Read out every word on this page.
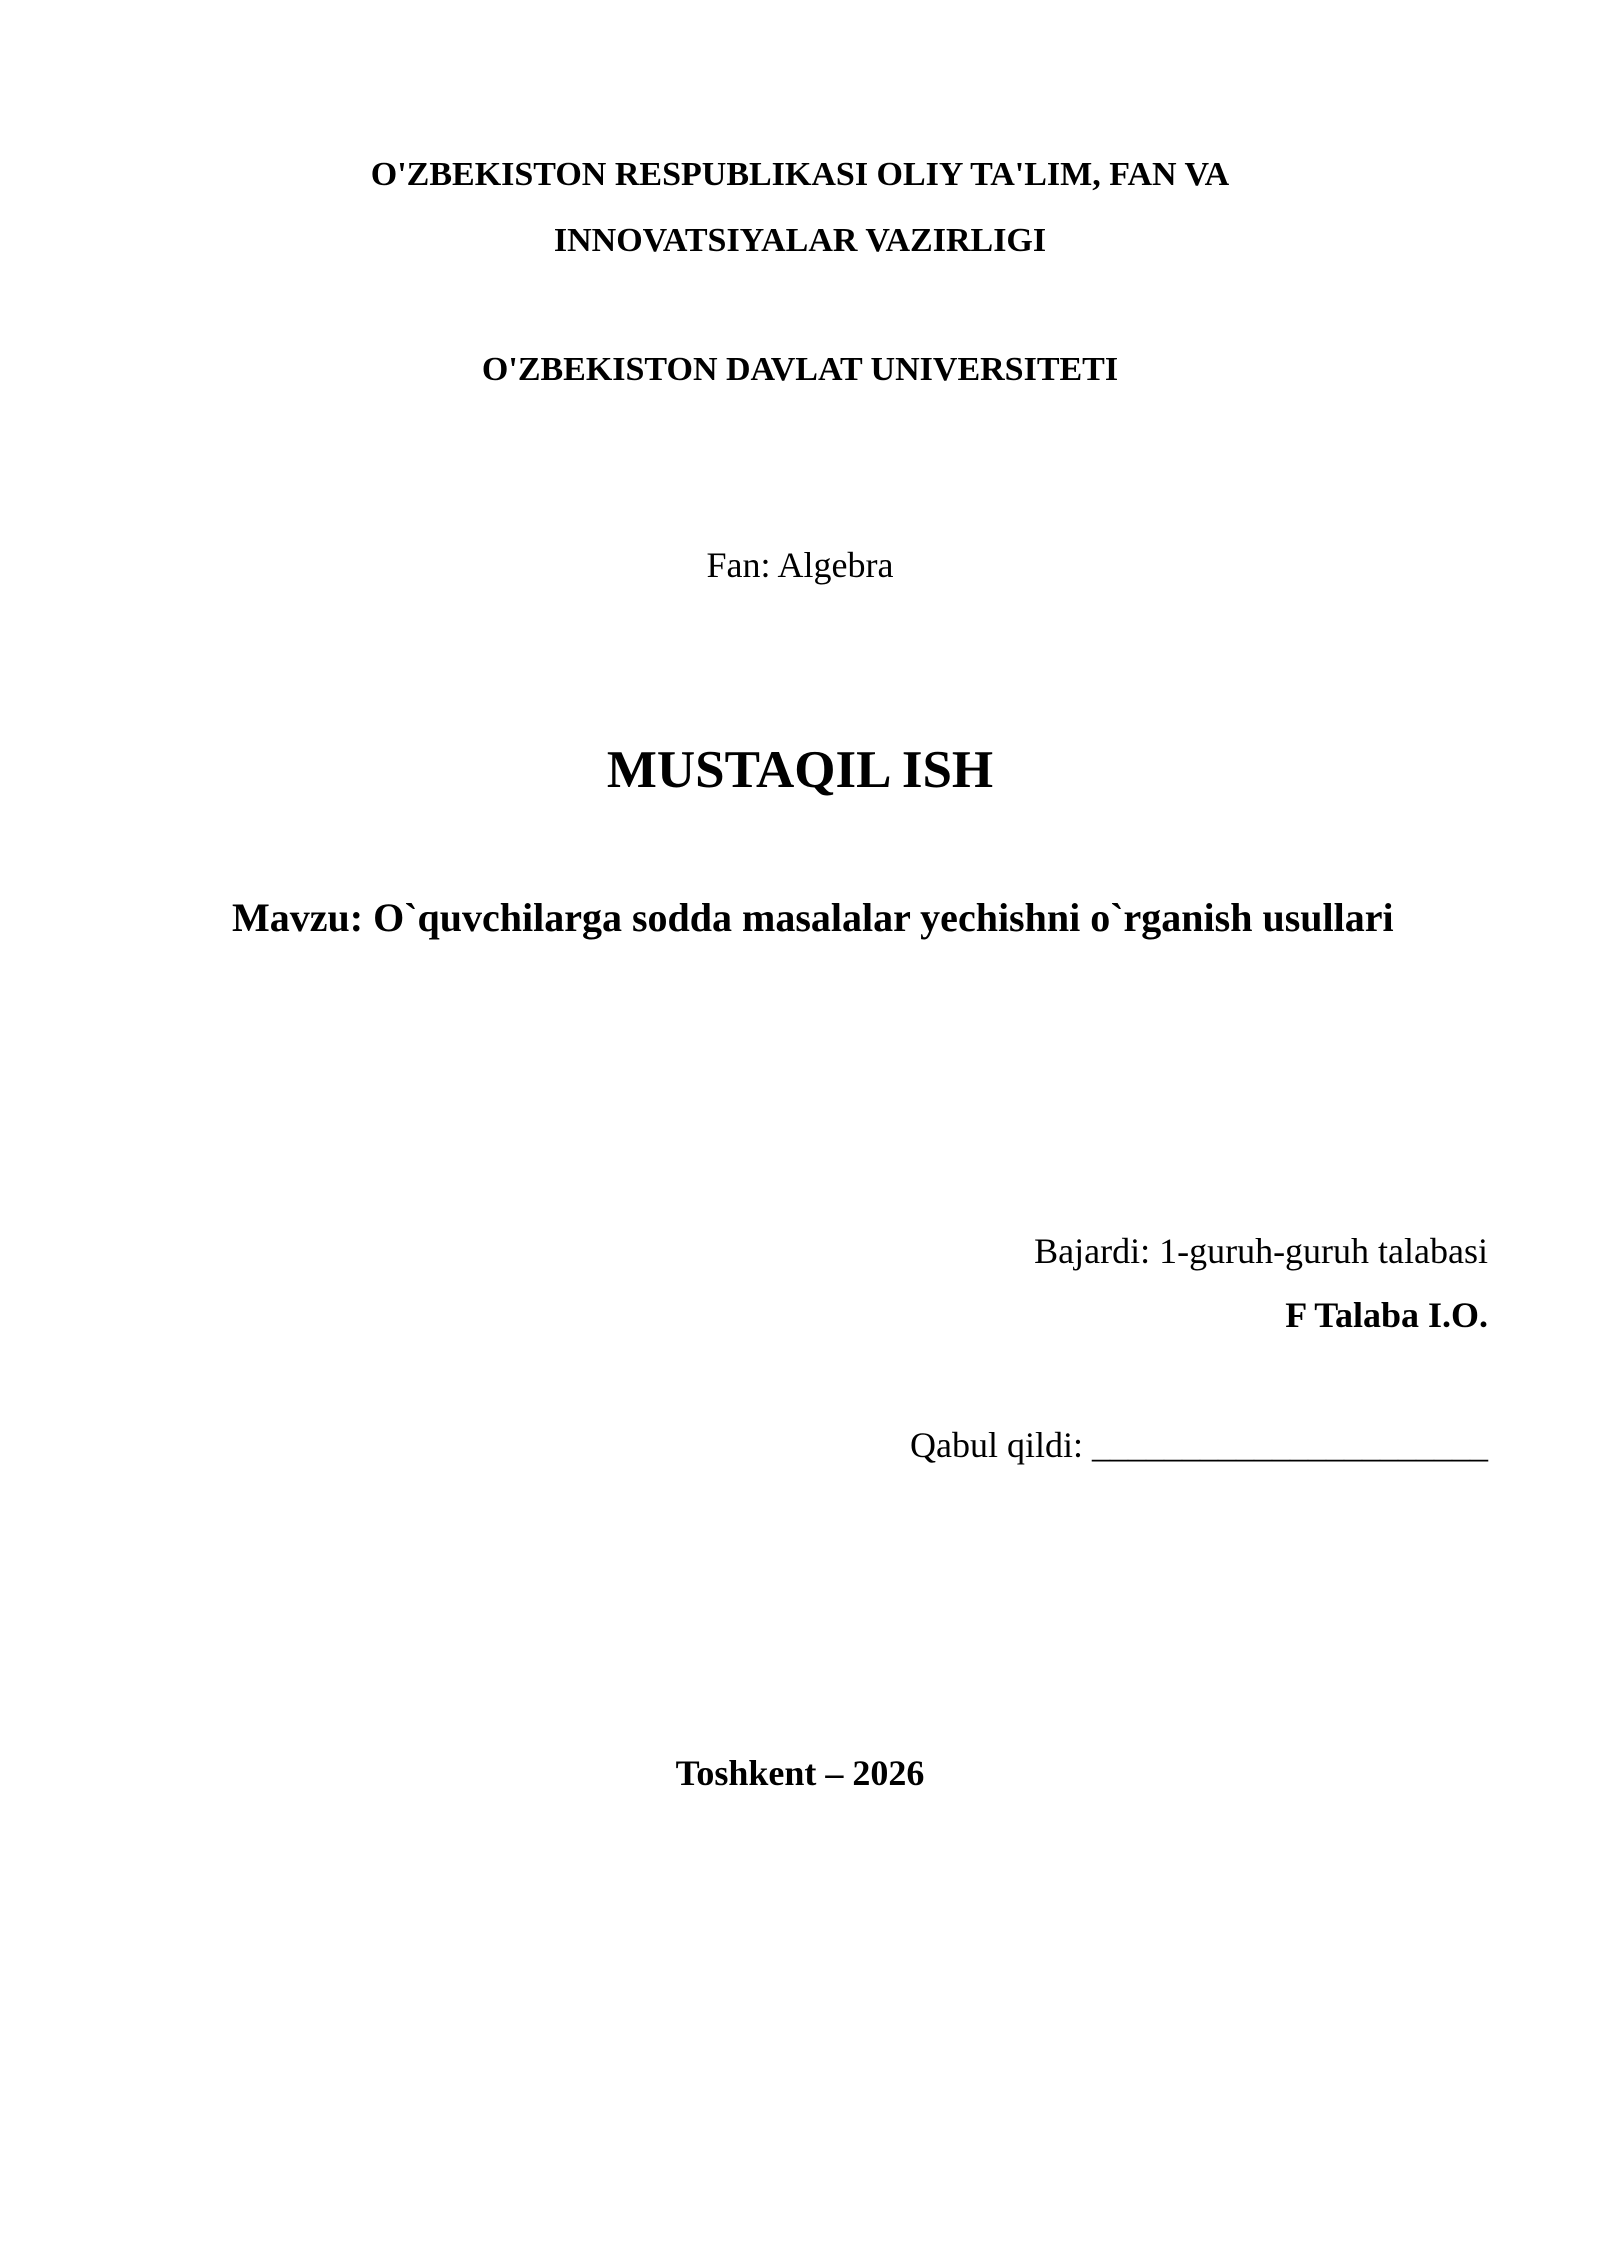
O'ZBEKISTON RESPUBLIKASI OLIY TA'LIM, FAN VA
INNOVATSIYALAR VAZIRLIGI
O'ZBEKISTON DAVLAT UNIVERSITETI
Fan: Algebra
MUSTAQIL ISH
Mavzu: O`quvchilarga sodda masalalar yechishni o`rganish usullari
Bajardi: 1-guruh-guruh talabasi
F Talaba I.O.
Qabul qildi: ______________________
Toshkent – 2026
